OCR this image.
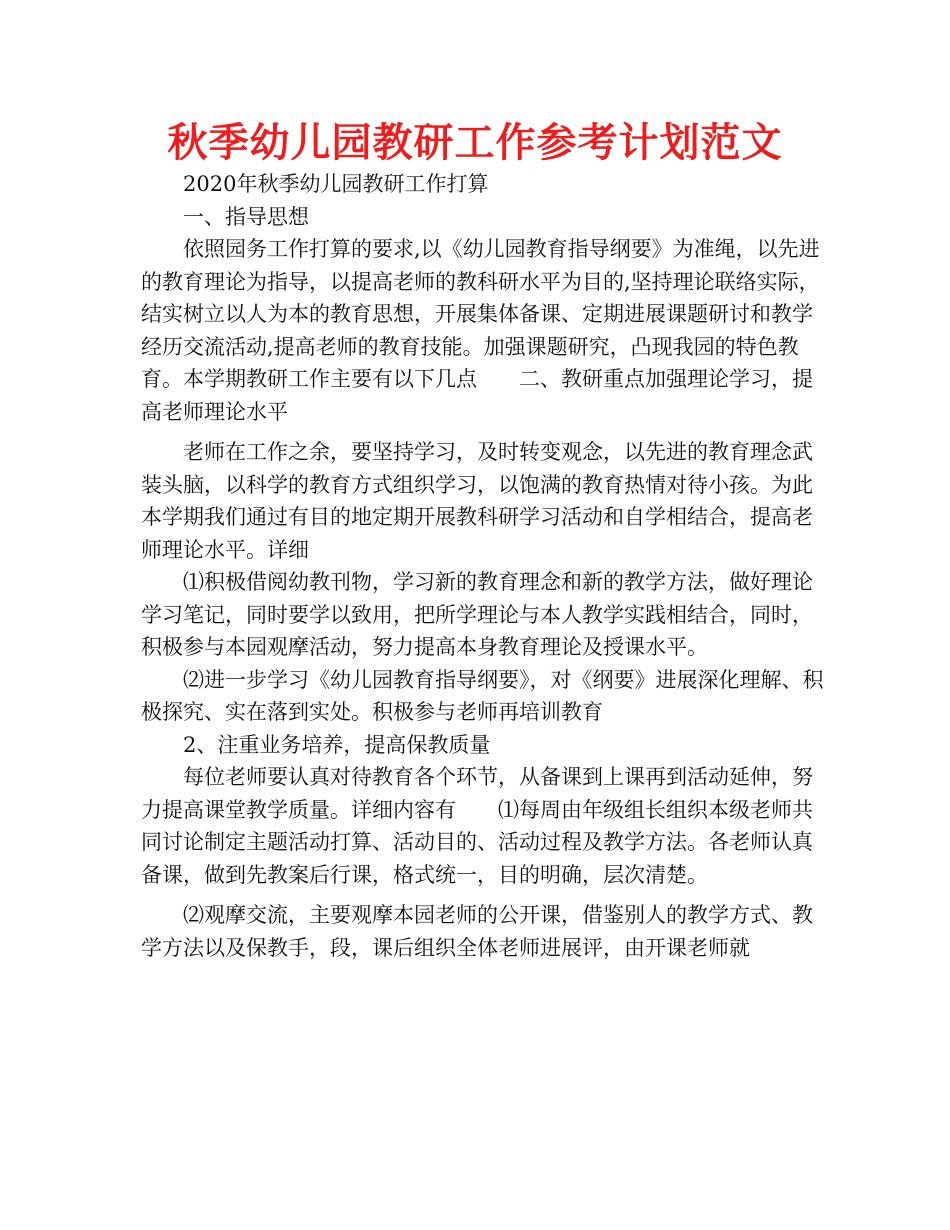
秋季幼儿园教研工作参考计划范文

2020年秋季幼儿园教研工作打算

一、指导思想

依照园务工作打算的要求,以《幼儿园教育指导纲要》为准绳，以先进的教育理论为指导，以提高老师的教科研水平为目的,坚持理论联络实际，结实树立以人为本的教育思想，开展集体备课、定期进展课题研讨和教学经历交流活动,提高老师的教育技能。加强课题研究，凸现我园的特色教育。本学期教研工作主要有以下几点　　二、教研重点加强理论学习，提高老师理论水平

老师在工作之余，要坚持学习，及时转变观念，以先进的教育理念武装头脑，以科学的教育方式组织学习，以饱满的教育热情对待小孩。为此本学期我们通过有目的地定期开展教科研学习活动和自学相结合，提高老师理论水平。详细

⑴积极借阅幼教刊物，学习新的教育理念和新的教学方法，做好理论学习笔记，同时要学以致用，把所学理论与本人教学实践相结合，同时，积极参与本园观摩活动，努力提高本身教育理论及授课水平。

⑵进一步学习《幼儿园教育指导纲要》，对《纲要》进展深化理解、积极探究、实在落到实处。积极参与老师再培训教育

2、注重业务培养，提高保教质量

每位老师要认真对待教育各个环节，从备课到上课再到活动延伸，努力提高课堂教学质量。详细内容有　　⑴每周由年级组长组织本级老师共同讨论制定主题活动打算、活动目的、活动过程及教学方法。各老师认真备课，做到先教案后行课，格式统一，目的明确，层次清楚。

⑵观摩交流，主要观摩本园老师的公开课，借鉴别人的教学方式、教学方法以及保教手，段，课后组织全体老师进展评，由开课老师就
